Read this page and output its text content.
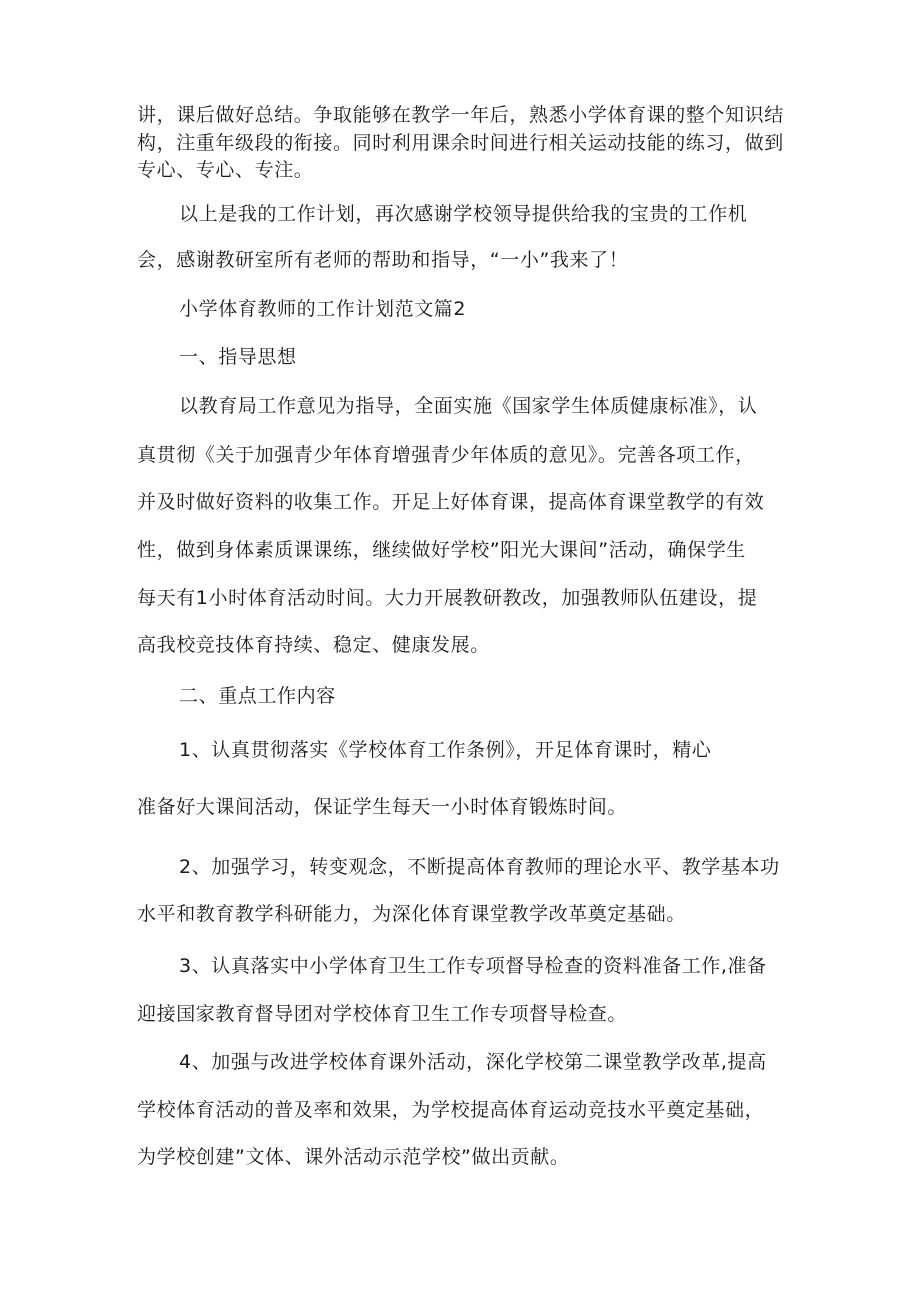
讲，课后做好总结。争取能够在教学一年后，熟悉小学体育课的整个知识结
构，注重年级段的衔接。同时利用课余时间进行相关运动技能的练习，做到
专心、专心、专注。
以上是我的工作计划，再次感谢学校领导提供给我的宝贵的工作机
会，感谢教研室所有老师的帮助和指导，“一小”我来了！
小学体育教师的工作计划范文篇2
一、指导思想
以教育局工作意见为指导，全面实施《国家学生体质健康标准》，认
真贯彻《关于加强青少年体育增强青少年体质的意见》。完善各项工作，
并及时做好资料的收集工作。开足上好体育课，提高体育课堂教学的有效
性，做到身体素质课课练，继续做好学校”阳光大课间”活动，确保学生
每天有1小时体育活动时间。大力开展教研教改，加强教师队伍建设，提
高我校竞技体育持续、稳定、健康发展。
二、重点工作内容
1、认真贯彻落实《学校体育工作条例》，开足体育课时，精心
准备好大课间活动，保证学生每天一小时体育锻炼时间。
2、加强学习，转变观念，不断提高体育教师的理论水平、教学基本功
水平和教育教学科研能力，为深化体育课堂教学改革奠定基础。
3、认真落实中小学体育卫生工作专项督导检查的资料准备工作,准备
迎接国家教育督导团对学校体育卫生工作专项督导检查。
4、加强与改进学校体育课外活动，深化学校第二课堂教学改革,提高
学校体育活动的普及率和效果，为学校提高体育运动竞技水平奠定基础，
为学校创建”文体、课外活动示范学校”做出贡献。
